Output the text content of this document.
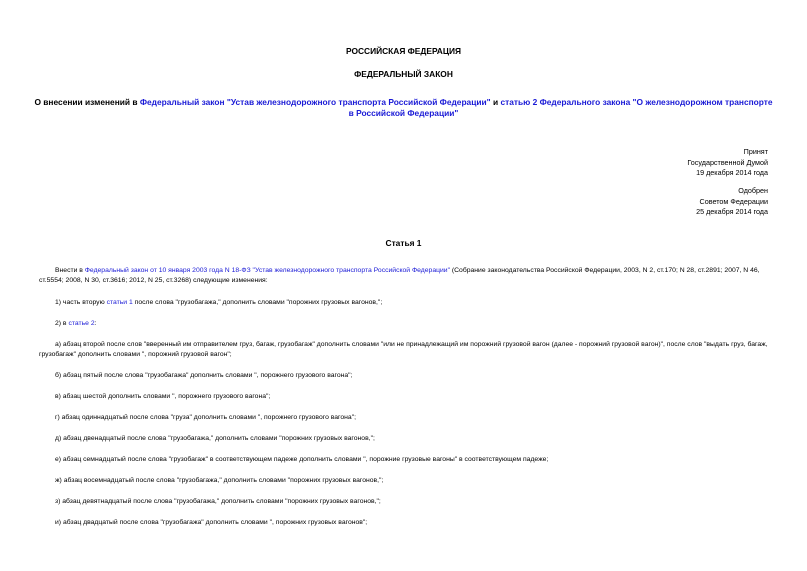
РОССИЙСКАЯ ФЕДЕРАЦИЯ
ФЕДЕРАЛЬНЫЙ ЗАКОН
О внесении изменений в Федеральный закон "Устав железнодорожного транспорта Российской Федерации" и статью 2 Федерального закона "О железнодорожном транспорте в Российской Федерации"
Принят
Государственной Думой
19 декабря 2014 года
Одобрен
Советом Федерации
25 декабря 2014 года
Статья 1
Внести в Федеральный закон от 10 января 2003 года N 18-ФЗ "Устав железнодорожного транспорта Российской Федерации" (Собрание законодательства Российской Федерации, 2003, N 2, ст.170; N 28, ст.2891; 2007, N 46, ст.5554; 2008, N 30, ст.3616; 2012, N 25, ст.3268) следующие изменения:
1) часть вторую статьи 1 после слова "грузобагажа," дополнить словами "порожних грузовых вагонов,";
2) в статье 2:
а) абзац второй после слов "вверенный им отправителем груз, багаж, грузобагаж" дополнить словами "или не принадлежащий им порожний грузовой вагон (далее - порожний грузовой вагон)", после слов "выдать груз, багаж, грузобагаж" дополнить словами ", порожний грузовой вагон";
б) абзац пятый после слова "грузобагажа" дополнить словами ", порожнего грузового вагона";
в) абзац шестой дополнить словами ", порожнего грузового вагона";
г) абзац одиннадцатый после слова "груза" дополнить словами ", порожнего грузового вагона";
д) абзац двенадцатый после слова "грузобагажа," дополнить словами "порожних грузовых вагонов,";
е) абзац семнадцатый после слова "грузобагаж" в соответствующем падеже дополнить словами ", порожние грузовые вагоны" в соответствующем падеже;
ж) абзац восемнадцатый после слова "грузобагажа," дополнить словами "порожних грузовых вагонов,";
з) абзац девятнадцатый после слова "грузобагажа," дополнить словами "порожних грузовых вагонов,";
и) абзац двадцатый после слова "грузобагажа" дополнить словами ", порожних грузовых вагонов";
